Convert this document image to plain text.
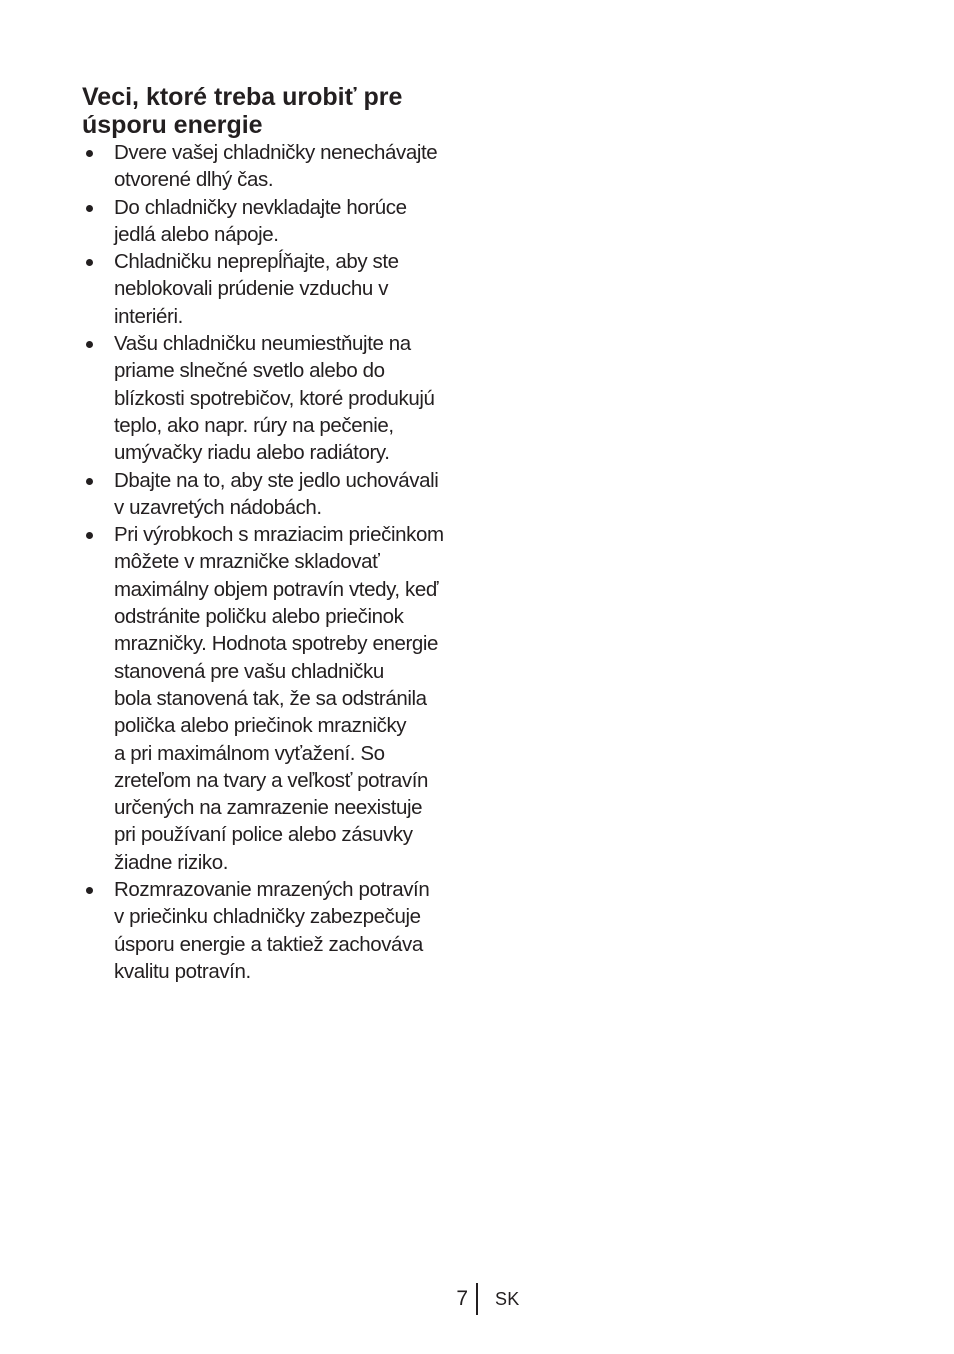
Veci, ktoré treba urobiť pre
úsporu energie
Dvere vašej chladničky nenechávajte
otvorené dlhý čas.
Do chladničky nevkladajte horúce
jedlá alebo nápoje.
Chladničku neprepĺňajte, aby ste
neblokovali prúdenie vzduchu v
interiéri.
Vašu chladničku neumiestňujte na
priame slnečné svetlo alebo do
blízkosti spotrebičov, ktoré produkujú
teplo, ako napr. rúry na pečenie,
umývačky riadu alebo radiátory.
Dbajte na to, aby ste jedlo uchovávali
v uzavretých nádobách.
Pri výrobkoch s mraziacim priečinkom
môžete v mrazničke skladovať
maximálny objem potravín vtedy, keď
odstránite poličku alebo priečinok
mrazničky. Hodnota spotreby energie
stanovená pre vašu chladničku
bola stanovená tak, že sa odstránila
polička alebo priečinok mrazničky
a pri maximálnom vyťažení. So
zreteľom na tvary a veľkosť potravín
určených na zamrazenie neexistuje
pri používaní police alebo zásuvky
žiadne riziko.
Rozmrazovanie mrazených potravín
v priečinku chladničky zabezpečuje
úsporu energie a taktiež zachováva
kvalitu potravín.
7 SK
